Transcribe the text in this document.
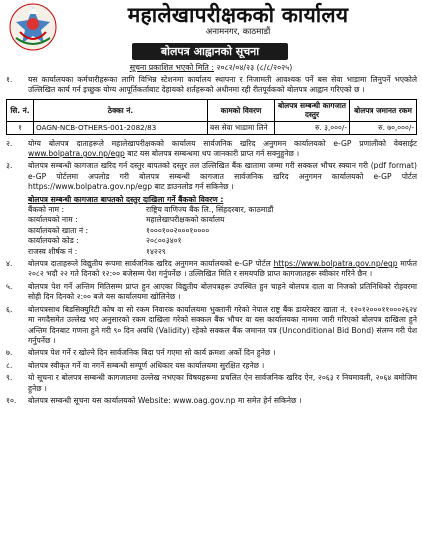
महालेखापरीक्षकको कार्यालय
अनामनगर, काठमाडौं
बोलपत्र आह्वानको सूचना
सूचना प्रकाशित भएको मिति : २०८२/०४/२३ (८/८/२०२५)
१.	यस कार्यालयका कर्मचारीहरूका लागि विभिन्न स्टेशनमा कार्यालय स्थापना र निजामती आवश्यक पर्ने बस सेवा भाडामा लिनुपर्ने भएकोले उल्लिखित कार्य गर्न इच्छुक योग्य आपूर्तिकर्ताबाट देहायको शर्तहरूको अधीनमा रही रीतपूर्वकको बोलपत्र आह्वान गरिएको छ ।
सि. नं.	ठेक्का नं.	कामको विवरण	बोलपत्र सम्बन्धी कागजात दस्तुर	बोलपत्र जमानत रकम
१	OAGN-NCB-OTHERS-001-2082/83	बस सेवा भाडामा लिने	रु. ३,०००/-	रु. ७०,०००/-
२.	योग्य बोलपत्र दाताहरूले महालेखापरीक्षकको कार्यालय सार्वजनिक खरिद अनुगमन कार्यालयको e-GP प्रणालीको वेबसाईट www.bolpatra.gov.np/egp बाट यस बोलपत्र सम्बन्धमा थप जानकारी प्राप्त गर्न सक्नुहुनेछ ।
३.	बोलपत्र सम्बन्धी कागजात खरिद गर्न दस्तुर बापतको दस्तुर तल उल्लिखित बैंक खातामा जम्मा गरी सक्कल भौचर स्क्यान गरी (pdf format) e-GP पोर्टलमा अपलोड गरी बोलपत्र सम्बन्धी कागजात सार्वजनिक खरिद अनुगमन कार्यालयको e-GP पोर्टल https://www.bolpatra.gov.np/egp बाट डाउनलोड गर्न सकिनेछ ।
बोलपत्र सम्बन्धी कागजात बापतको दस्तुर दाखिला गर्ने बैंकको विवरण :
बैंकको नाम :	राष्ट्रिय वाणिज्य बैंक लि., सिंहदरबार, काठमाडौं
कार्यालयको नाम :	महालेखापरीक्षकको कार्यालय
कार्यालयको खाता नं :	१०००१००२०००१००००
कार्यालयको कोड :	२०८००३४०१
राजस्व शीर्षक नं :	१४२२९
४.	बोलपत्र दाताहरूले विद्युतीय रूपमा सार्वजनिक खरिद अनुगमन कार्यालयको e-GP पोर्टल https://www.bolpatra.gov.np/egp मार्फत २०८२ भदौ २२ गते दिनको १२:०० बजेसम्म पेश गर्नुपर्नेछ । उल्लिखित मिति र समयपछि प्राप्त कागजातहरू स्वीकार गरिने छैन ।
५.	बोलपत्र पेश गर्ने अन्तिम मितिसम्म प्राप्त हुन आएका विद्युतीय बोलपत्रहरू उपस्थित हुन चाहने बोलपत्र दाता वा निजको प्रतिनिधिको रोहवरमा सोही दिन दिनको २:०० बजे यस कार्यालयमा खोलिनेछ ।
६.	बोलपत्रसाथ बिडसिक्युरिटी कोष वा सो रकम निवारक कार्यालयमा भुक्तानी गरेको नेपाल राष्ट्र बैंक डायरेक्टर खाता नं. १२०१२०००११०००२६२४ मा नगदैसमेत उल्लेख भए अनुसारको रकम दाखिला गरेको सक्कल बैंक भौचर वा यस कार्यालयका नाममा जारी गरिएको बोलपत्र दाखिला हुने अन्तिम दिनबाट गणना हुने गरी ९० दिन अवधि (Validity) रहेको सक्कल बैंक जमानत पत्र (Unconditional Bid Bond) संलग्न गरी पेश गर्नुपर्नेछ ।
७.	बोलपत्र पेश गर्ने र खोल्ने दिन सार्वजनिक बिदा पर्न गएमा सो कार्य क्रमशः अर्को दिन हुनेछ ।
८.	बोलपत्र स्वीकृत गर्ने वा नगर्ने सम्बन्धी सम्पूर्ण अधिकार यस कार्यालयमा सुरक्षित रहनेछ ।
९.	यो सूचना र बोलपत्र सम्बन्धी कागजातमा उल्लेख नभएका विषयहरूमा प्रचलित ऐन सार्वजनिक खरिद ऐन, २०६३ र नियमावली, २०६४ बमोजिम हुनेछ ।
१०.	बोलपत्र सम्बन्धी सूचना यस कार्यालयको Website: www.oag.gov.np मा समेत हेर्न सकिनेछ ।
